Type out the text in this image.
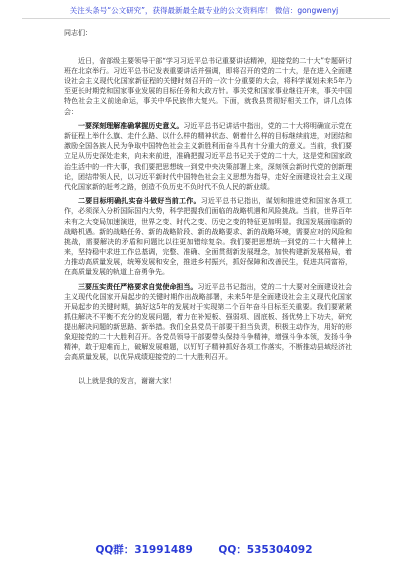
关注头条号“公文研究”，获得最新最全最专业的公文资料库！ 微信：gongwenyj

同志们：

近日，省部级主要领导干部“学习习近平总书记重要讲话精神，迎接党的二十大”专题研讨班在北京举行。习近平总书记发表重要讲话并强调，即将召开的党的二十大，是在进入全面建设社会主义现代化国家新征程的关键时刻召开的一次十分重要的大会，将科学谋划未来5年乃至更长时期党和国家事业发展的目标任务和大政方针。事关党和国家事业继往开来，事关中国特色社会主义前途命运，事关中华民族伟大复兴。下面，就我县贯彻好相关工作，讲几点体会：

一要深刻理解准确掌握历史意义。习近平总书记讲话中指出，党的二十大将明确宣示党在新征程上举什么旗、走什么路、以什么样的精神状态、朝着什么样的目标继续前进，对团结和激励全国各族人民为争取中国特色社会主义新胜利而奋斗具有十分重大的意义。当前，我们要立足从历史深处走来，向未来前进，准确把握习近平总书记关于党的二十大，这是党和国家政治生活中的一件大事，我们要把思想统一到党中央决策部署上来，深刻领会新时代党的创新理论，团结带领人民，以习近平新时代中国特色社会主义思想为指导，走好全面建设社会主义现代化国家新的赶考之路，创造不负历史不负时代不负人民的新业绩。

二要目标明确扎实奋斗做好当前工作。习近平总书记指出，谋划和推进党和国家各项工作，必须深入分析国际国内大势，科学把握我们面临的战略机遇和风险挑战。当前，世界百年未有之大变局加速演进，世界之变、时代之变、历史之变的特征更加明显。我国发展面临新的战略机遇。新的战略任务、新的战略阶段、新的战略要求、新的战略环境，需要应对的风险和挑战，需要解决的矛盾和问题比以往更加错综复杂。我们要把思想统一到党的二十大精神上来，坚持稳中求进工作总基调，完整、准确、全面贯彻新发展理念，加快构建新发展格局，着力推动高质量发展，统筹发展和安全，推进乡村振兴，抓好保障和改善民生，促进共同富裕，在高质量发展的轨道上奋勇争先。

三要压实责任严格要求自觉使命担当。习近平总书记指出，党的二十大要对全面建设社会主义现代化国家开局起步的关键时期作出战略部署，未来5年是全面建设社会主义现代化国家开局起步的关键时期，搞好这5年的发展对于实现第二个百年奋斗目标至关重要。我们要紧紧抓住解决不平衡不充分的发展问题，着力在补短板、强弱项、固底板、扬优势上下功夫，研究提出解决问题的新思路、新举措。我们全县党员干部要干担当负责，积极主动作为，用好的形象迎接党的二十大胜利召开。各党员领导干部要带头保持斗争精神，增强斗争本领，发扬斗争精神，敢于迎难而上，破解发展难题，以钉钉子精神抓好各项工作落实，不断推动县域经济社会高质量发展，以优异成绩迎接党的二十大胜利召开。

以上就是我的发言，谢谢大家！

QQ群：31991489 QQ：535304092
